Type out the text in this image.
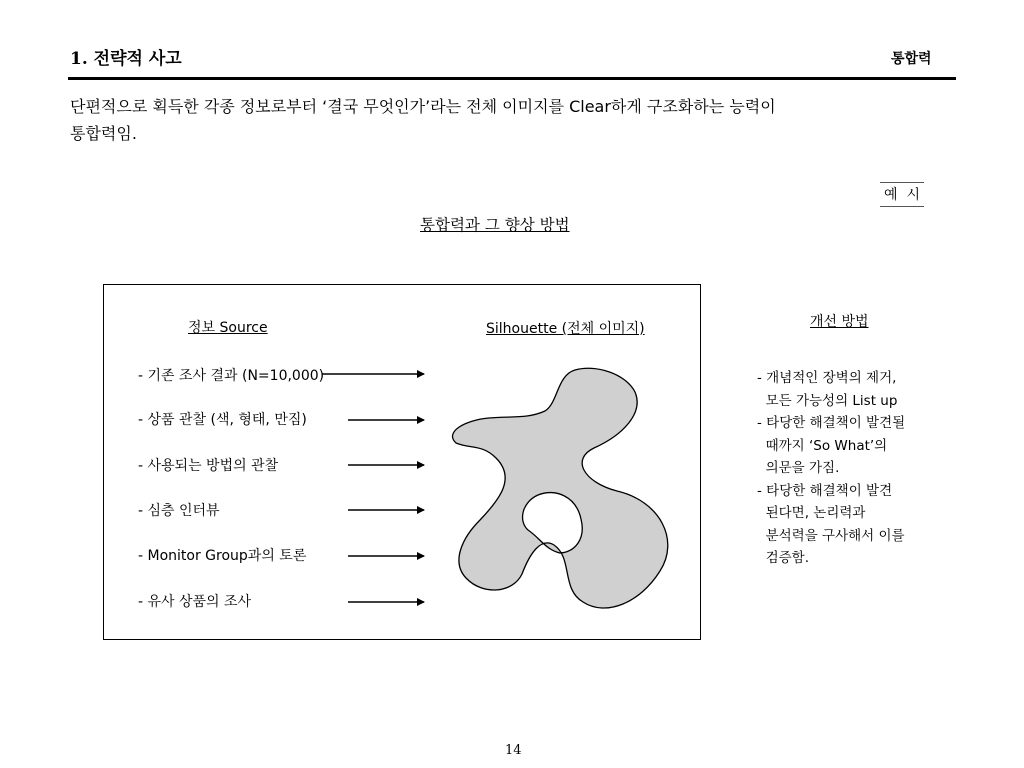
1. 전략적 사고	통합력
단편적으로 획득한 각종 정보로부터 ‘결국 무엇인가’라는 전체 이미지를 Clear하게 구조화하는 능력이
통합력임.
예  시
통합력과 그 향상 방법
정보 Source	Silhouette (전체 이미지)
- 기존 조사 결과 (N=10,000)
- 상품 관찰 (색, 형태, 만짐)
- 사용되는 방법의 관찰
- 심층 인터뷰
- Monitor Group과의 토론
- 유사 상품의 조사
개선 방법
- 개념적인 장벽의 제거,
모든 가능성의 List up
- 타당한 해결책이 발견될
때까지 ‘So What’의
의문을 가짐.
- 타당한 해결책이 발견
된다면, 논리력과
분석력을 구사해서 이를
검증함.
14
